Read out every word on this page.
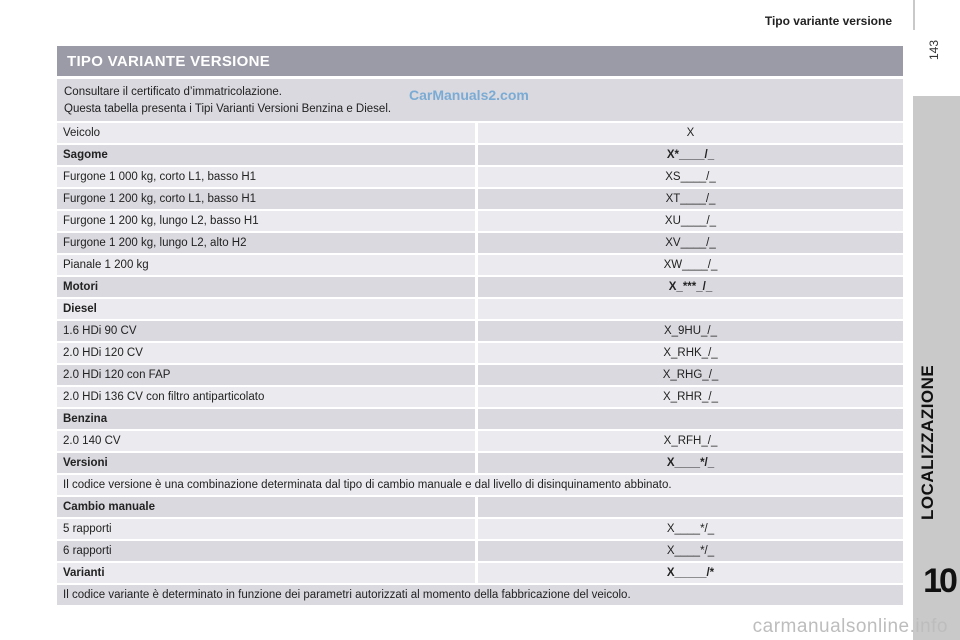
Tipo variante versione
143
LOCALIZZAZIONE
10
TIPO VARIANTE VERSIONE
Consultare il certificato d’immatricolazione.
Questa tabella presenta i Tipi Varianti Versioni Benzina e Diesel.
CarManuals2.com
Veicolo	X
Sagome	X*____/_
Furgone 1 000 kg, corto L1, basso H1	XS____/_
Furgone 1 200 kg, corto L1, basso H1	XT____/_
Furgone 1 200 kg, lungo L2, basso H1	XU____/_
Furgone 1 200 kg, lungo L2, alto H2	XV____/_
Pianale 1 200 kg	XW____/_
Motori	X_***_/_
Diesel
1.6 HDi 90 CV	X_9HU_/_
2.0 HDi 120 CV	X_RHK_/_
2.0 HDi 120 con FAP	X_RHG_/_
2.0 HDi 136 CV con filtro antiparticolato	X_RHR_/_
Benzina
2.0 140 CV	X_RFH_/_
Versioni	X____*/_
Il codice versione è una combinazione determinata dal tipo di cambio manuale e dal livello di disinquinamento abbinato.
Cambio manuale
5 rapporti	X____*/_
6 rapporti	X____*/_
Varianti	X_____/*
Il codice variante è determinato in funzione dei parametri autorizzati al momento della fabbricazione del veicolo.
carmanualsonline.info
